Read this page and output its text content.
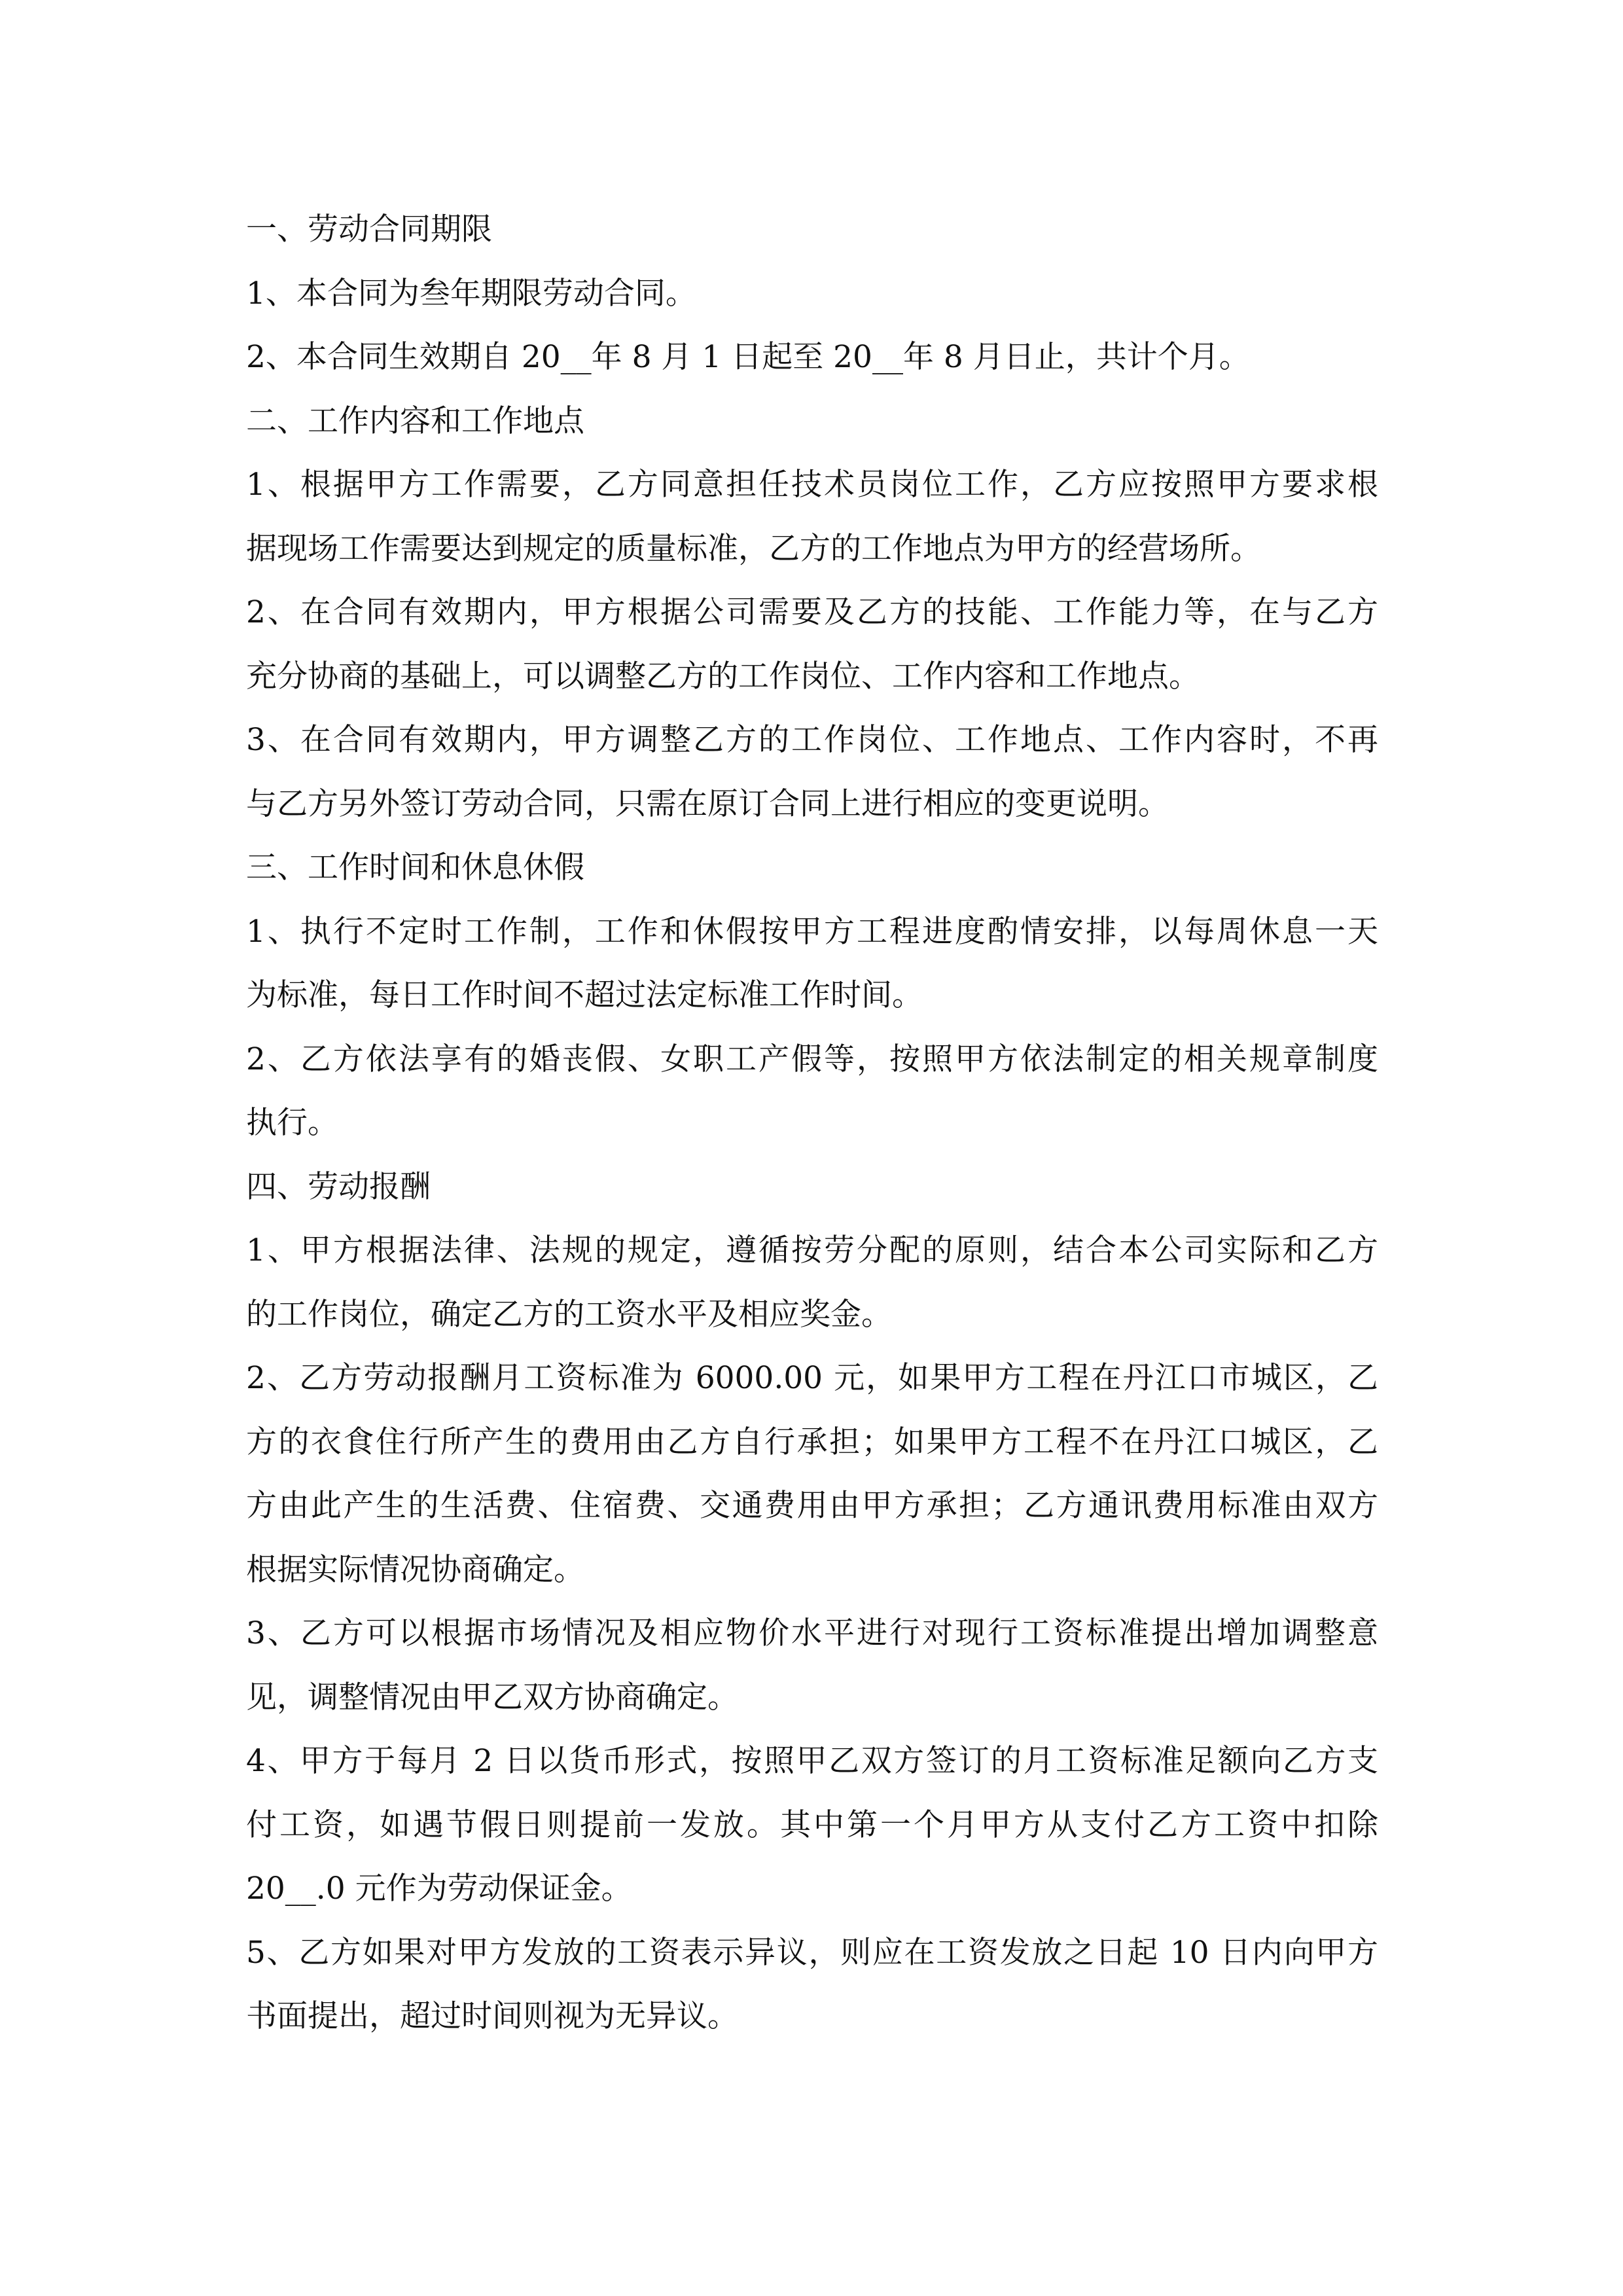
一、劳动合同期限
1、本合同为叁年期限劳动合同。
2、本合同生效期自 20__年 8 月 1 日起至 20__年 8 月日止，共计个月。
二、工作内容和工作地点
1、根据甲方工作需要，乙方同意担任技术员岗位工作，乙方应按照甲方要求根
据现场工作需要达到规定的质量标准，乙方的工作地点为甲方的经营场所。
2、在合同有效期内，甲方根据公司需要及乙方的技能、工作能力等，在与乙方
充分协商的基础上，可以调整乙方的工作岗位、工作内容和工作地点。
3、在合同有效期内，甲方调整乙方的工作岗位、工作地点、工作内容时，不再
与乙方另外签订劳动合同，只需在原订合同上进行相应的变更说明。
三、工作时间和休息休假
1、执行不定时工作制，工作和休假按甲方工程进度酌情安排，以每周休息一天
为标准，每日工作时间不超过法定标准工作时间。
2、乙方依法享有的婚丧假、女职工产假等，按照甲方依法制定的相关规章制度
执行。
四、劳动报酬
1、甲方根据法律、法规的规定，遵循按劳分配的原则，结合本公司实际和乙方
的工作岗位，确定乙方的工资水平及相应奖金。
2、乙方劳动报酬月工资标准为 6000.00 元，如果甲方工程在丹江口市城区，乙
方的衣食住行所产生的费用由乙方自行承担；如果甲方工程不在丹江口城区，乙
方由此产生的生活费、住宿费、交通费用由甲方承担；乙方通讯费用标准由双方
根据实际情况协商确定。
3、乙方可以根据市场情况及相应物价水平进行对现行工资标准提出增加调整意
见，调整情况由甲乙双方协商确定。
4、甲方于每月 2 日以货币形式，按照甲乙双方签订的月工资标准足额向乙方支
付工资，如遇节假日则提前一发放。其中第一个月甲方从支付乙方工资中扣除
20__.0 元作为劳动保证金。
5、乙方如果对甲方发放的工资表示异议，则应在工资发放之日起 10 日内向甲方
书面提出，超过时间则视为无异议。
